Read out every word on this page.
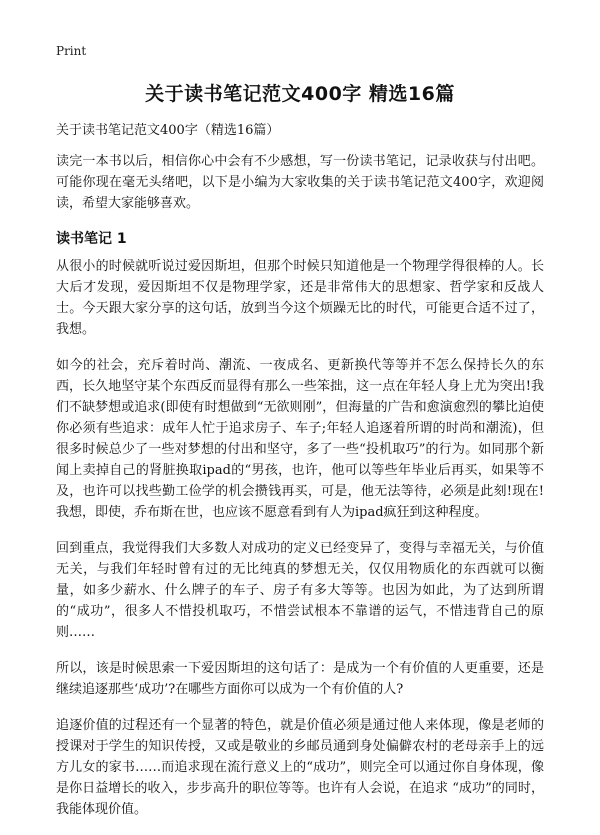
Print
关于读书笔记范文400字 精选16篇

关于读书笔记范文400字（精选16篇）

读完一本书以后，相信你心中会有不少感想，写一份读书笔记，记录收获与付出吧。可能你现在毫无头绪吧，以下是小编为大家收集的关于读书笔记范文400字，欢迎阅读，希望大家能够喜欢。

读书笔记 1

从很小的时候就听说过爱因斯坦，但那个时候只知道他是一个物理学得很棒的人。长大后才发现，爱因斯坦不仅是物理学家，还是非常伟大的思想家、哲学家和反战人士。今天跟大家分享的这句话，放到当今这个烦躁无比的时代，可能更合适不过了，我想。

如今的社会，充斥着时尚、潮流、一夜成名、更新换代等等并不怎么保持长久的东西，长久地坚守某个东西反而显得有那么一些笨拙，这一点在年轻人身上尤为突出!我们不缺梦想或追求(即使有时想做到“无欲则刚”，但海量的广告和愈演愈烈的攀比迫使你必须有些追求：成年人忙于追求房子、车子;年轻人追逐着所谓的时尚和潮流)，但很多时候总少了一些对梦想的付出和坚守，多了一些“投机取巧”的行为。如同那个新闻上卖掉自己的肾脏换取ipad的“男孩，也许，他可以等些年毕业后再买，如果等不及，也许可以找些勤工俭学的机会攒钱再买，可是，他无法等待，必须是此刻!现在!我想，即使，乔布斯在世，也应该不愿意看到有人为ipad疯狂到这种程度。

回到重点，我觉得我们大多数人对成功的定义已经变异了，变得与幸福无关，与价值无关，与我们年轻时曾有过的无比纯真的梦想无关，仅仅用物质化的东西就可以衡量，如多少薪水、什么牌子的车子、房子有多大等等。也因为如此，为了达到所谓的“成功”，很多人不惜投机取巧，不惜尝试根本不靠谱的运气，不惜违背自己的原则……

所以，该是时候思索一下爱因斯坦的这句话了：是成为一个有价值的人更重要，还是继续追逐那些‘成功’?在哪些方面你可以成为一个有价值的人?

追逐价值的过程还有一个显著的特色，就是价值必须是通过他人来体现，像是老师的授课对于学生的知识传授，又或是敬业的乡邮员通到身处偏僻农村的老母亲手上的远方儿女的家书……而追求现在流行意义上的“成功”，则完全可以通过你自身体现，像是你日益增长的收入，步步高升的职位等等。也许有人会说，在追求 “成功”的同时，我能体现价值。
